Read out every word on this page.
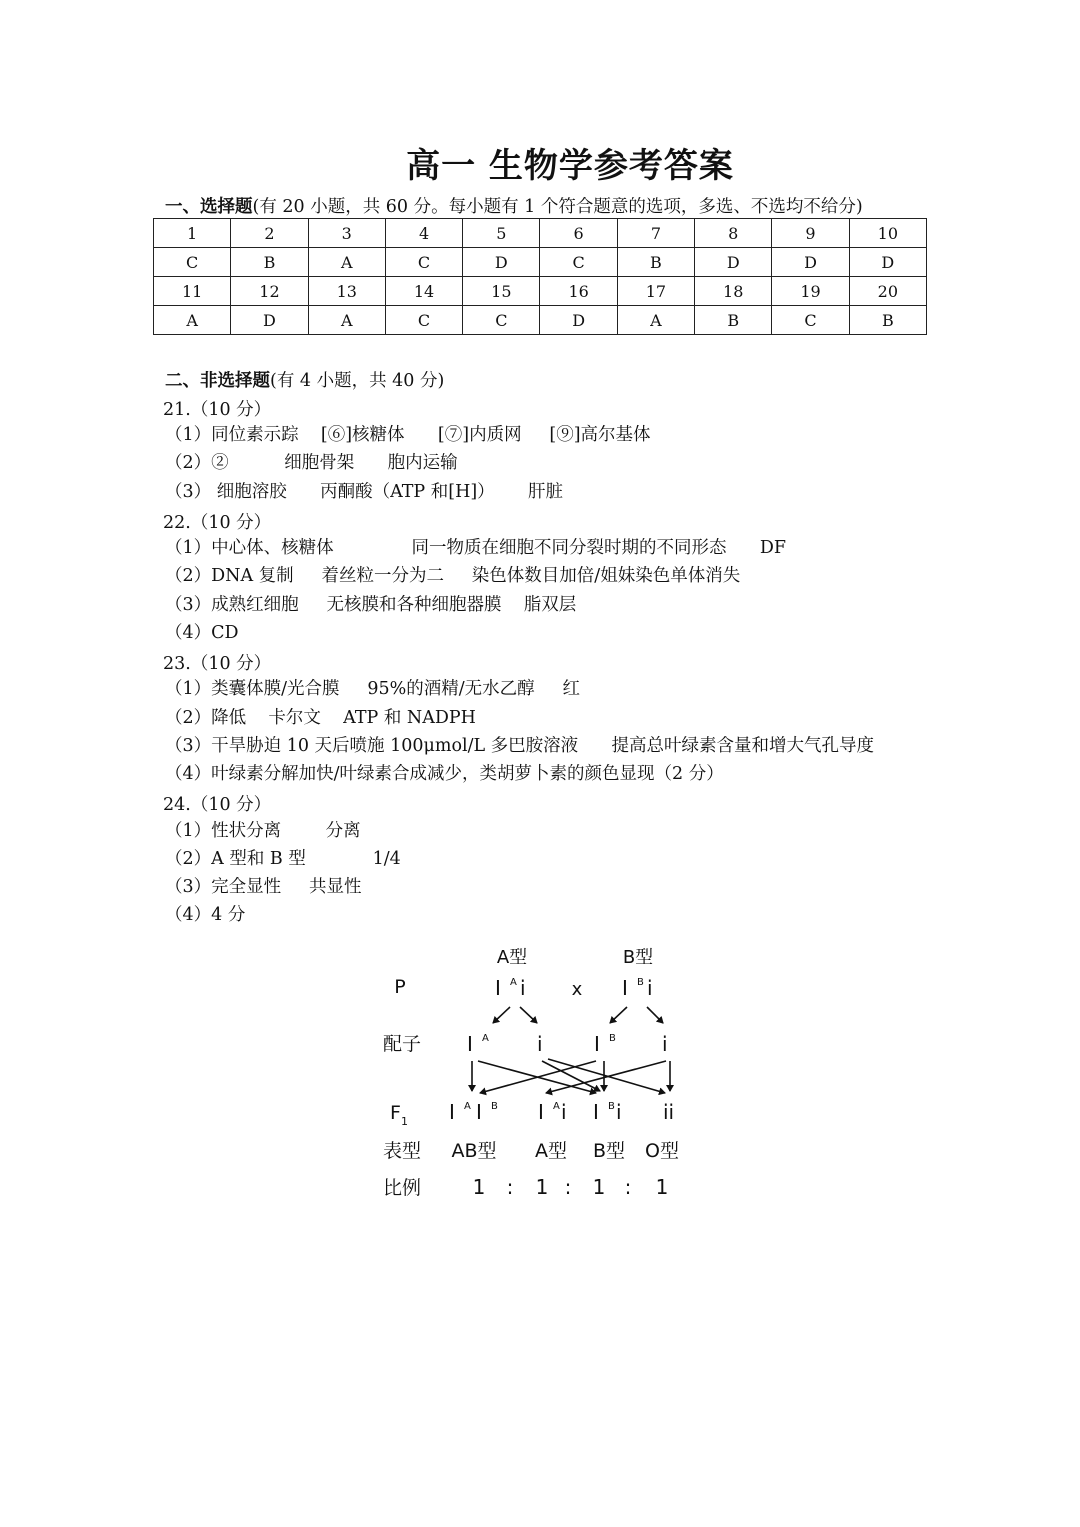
高一 生物学参考答案
一、选择题(有 20 小题，共 60 分。每小题有 1 个符合题意的选项，多选、不选均不给分)
1	2	3	4	5	6	7	8	9	10
C	B	A	C	D	C	B	D	D	D
11	12	13	14	15	16	17	18	19	20
A	D	A	C	C	D	A	B	C	B
二、非选择题(有 4 小题，共 40 分)
21.（10 分）
（1）同位素示踪    [⑥]核糖体      [⑦]内质网     [⑨]高尔基体
（2）②          细胞骨架      胞内运输
（3） 细胞溶胶      丙酮酸（ATP 和[H]）      肝脏
22.（10 分）
（1）中心体、核糖体              同一物质在细胞不同分裂时期的不同形态      DF
（2）DNA 复制     着丝粒一分为二     染色体数目加倍/姐妹染色单体消失
（3）成熟红细胞     无核膜和各种细胞器膜    脂双层
（4）CD
23.（10 分）
（1）类囊体膜/光合膜     95%的酒精/无水乙醇     红
（2）降低    卡尔文    ATP 和 NADPH
（3）干旱胁迫 10 天后喷施 100μmol/L 多巴胺溶液      提高总叶绿素含量和增大气孔导度
（4）叶绿素分解加快/叶绿素合成减少，类胡萝卜素的颜色显现（2 分）
24.（10 分）
（1）性状分离        分离
（2）A 型和 B 型            1/4
（3）完全显性     共显性
（4）4 分
A型	B型
P	I A i	x I B i
配子 I A i	I B i
F 1 I A I B I A i I B i ii
表型 AB型 A型 B型 O型
比例	1 : 1 : 1 : 1
